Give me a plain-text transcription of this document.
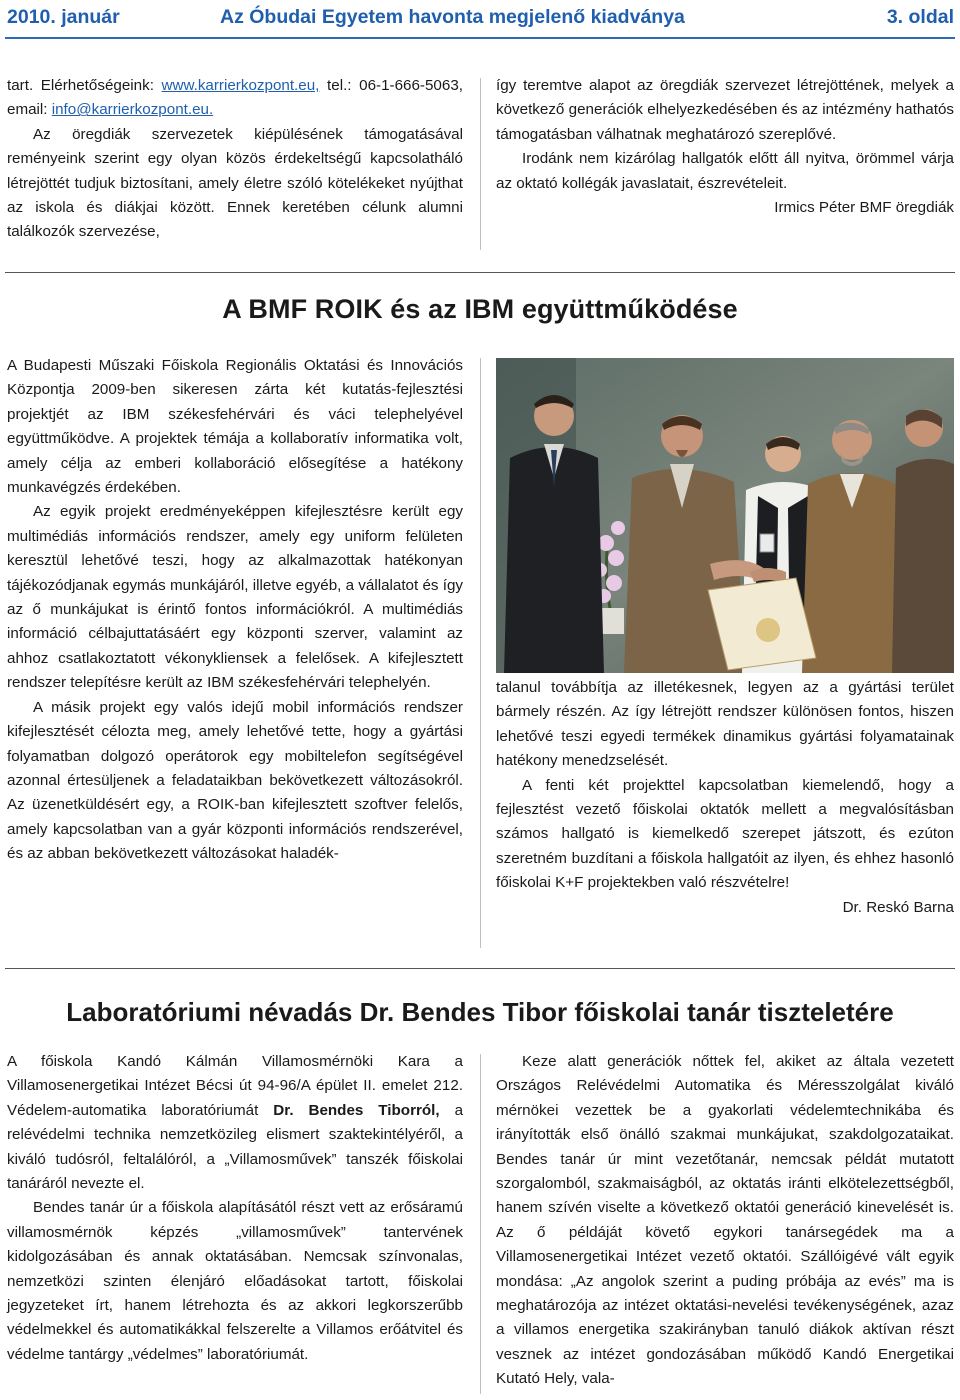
2010. január	Az Óbudai Egyetem havonta megjelenő kiadványa	3. oldal

tart. Elérhetőségeink: www.karrierkozpont.eu, tel.: 06-1-666-5063, email: info@karrierkozpont.eu.

Az öregdiák szervezetek kiépülésének támogatásával reményeink szerint egy olyan közös érdekeltségű kapcsolatháló létrejöttét tudjuk biztosítani, amely életre szóló kötelékeket nyújthat az iskola és diákjai között. Ennek keretében célunk alumni találkozók szervezése,

így teremtve alapot az öregdiák szervezet létrejöttének, melyek a következő generációk elhelyezkedésében és az intézmény hathatós támogatásban válhatnak meghatározó szereplővé.

Irodánk nem kizárólag hallgatók előtt áll nyitva, örömmel várja az oktató kollégák javaslatait, észrevételeit.

Irmics Péter BMF öregdiák

A BMF ROIK és az IBM együttműködése

A Budapesti Műszaki Főiskola Regionális Oktatási és Innovációs Központja 2009-ben sikeresen zárta két kutatás-fejlesztési projektjét az IBM székesfehérvári és váci telephelyével együttműködve. A projektek témája a kollaboratív informatika volt, amely célja az emberi kollaboráció elősegítése a hatékony munkavégzés érdekében.

Az egyik projekt eredményeképpen kifejlesztésre került egy multimédiás információs rendszer, amely egy uniform felületen keresztül lehetővé teszi, hogy az alkalmazottak hatékonyan tájékozódjanak egymás munkájáról, illetve egyéb, a vállalatot és így az ő munkájukat is érintő fontos információkról. A multimédiás információ célbajuttatásáért egy központi szerver, valamint az ahhoz csatlakoztatott vékonykliensek a felelősek. A kifejlesztett rendszer telepítésre került az IBM székesfehérvári telephelyén.

A másik projekt egy valós idejű mobil információs rendszer kifejlesztését célozta meg, amely lehetővé tette, hogy a gyártási folyamatban dolgozó operátorok egy mobiltelefon segítségével azonnal értesüljenek a feladataikban bekövetkezett változásokról. Az üzenetküldésért egy, a ROIK-ban kifejlesztett szoftver felelős, amely kapcsolatban van a gyár központi információs rendszerével, és az abban bekövetkezett változásokat haladék-

talanul továbbítja az illetékesnek, legyen az a gyártási terület bármely részén. Az így létrejött rendszer különösen fontos, hiszen lehetővé teszi egyedi termékek dinamikus gyártási folyamatainak hatékony menedzselését.

A fenti két projekttel kapcsolatban kiemelendő, hogy a fejlesztést vezető főiskolai oktatók mellett a megvalósításban számos hallgató is kiemelkedő szerepet játszott, és ezúton szeretném buzdítani a főiskola hallgatóit az ilyen, és ehhez hasonló főiskolai K+F projektekben való részvételre!

Dr. Reskó Barna

Laboratóriumi névadás Dr. Bendes Tibor főiskolai tanár tiszteletére

A főiskola Kandó Kálmán Villamosmérnöki Kara a Villamosenergetikai Intézet Bécsi út 94-96/A épület II. emelet 212. Védelem-automatika laboratóriumát Dr. Bendes Tiborról, a relévédelmi technika nemzetközileg elismert szaktekintélyéről, a kiváló tudósról, feltalálóról, a „Villamosművek” tanszék főiskolai tanáráról nevezte el.

Bendes tanár úr a főiskola alapításától részt vett az erősáramú villamosmérnök képzés „villamosművek” tantervének kidolgozásában és annak oktatásában. Nemcsak színvonalas, nemzetközi szinten élenjáró előadásokat tartott, főiskolai jegyzeteket írt, hanem létrehozta és az akkori legkorszerűbb védelmekkel és automatikákkal felszerelte a Villamos erőátvitel és védelme tantárgy „védelmes” laboratóriumát.

Keze alatt generációk nőttek fel, akiket az általa vezetett Országos Relévédelmi Automatika és Méresszolgálat kiváló mérnökei vezettek be a gyakorlati védelemtechnikába és irányították első önálló szakmai munkájukat, szakdolgozataikat. Bendes tanár úr mint vezetőtanár, nemcsak példát mutatott szorgalomból, szakmaiságból, az oktatás iránti elkötelezettségből, hanem szívén viselte a következő oktatói generáció kinevelését is. Az ő példáját követő egykori tanársegédek ma a Villamosenergetikai Intézet vezető oktatói. Szállóigévé vált egyik mondása: „Az angolok szerint a puding próbája az evés” ma is meghatározója az intézet oktatási-nevelési tevékenységének, azaz a villamos energetika szakirányban tanuló diákok aktívan részt vesznek az intézet gondozásában működő Kandó Energetikai Kutató Hely, vala-
